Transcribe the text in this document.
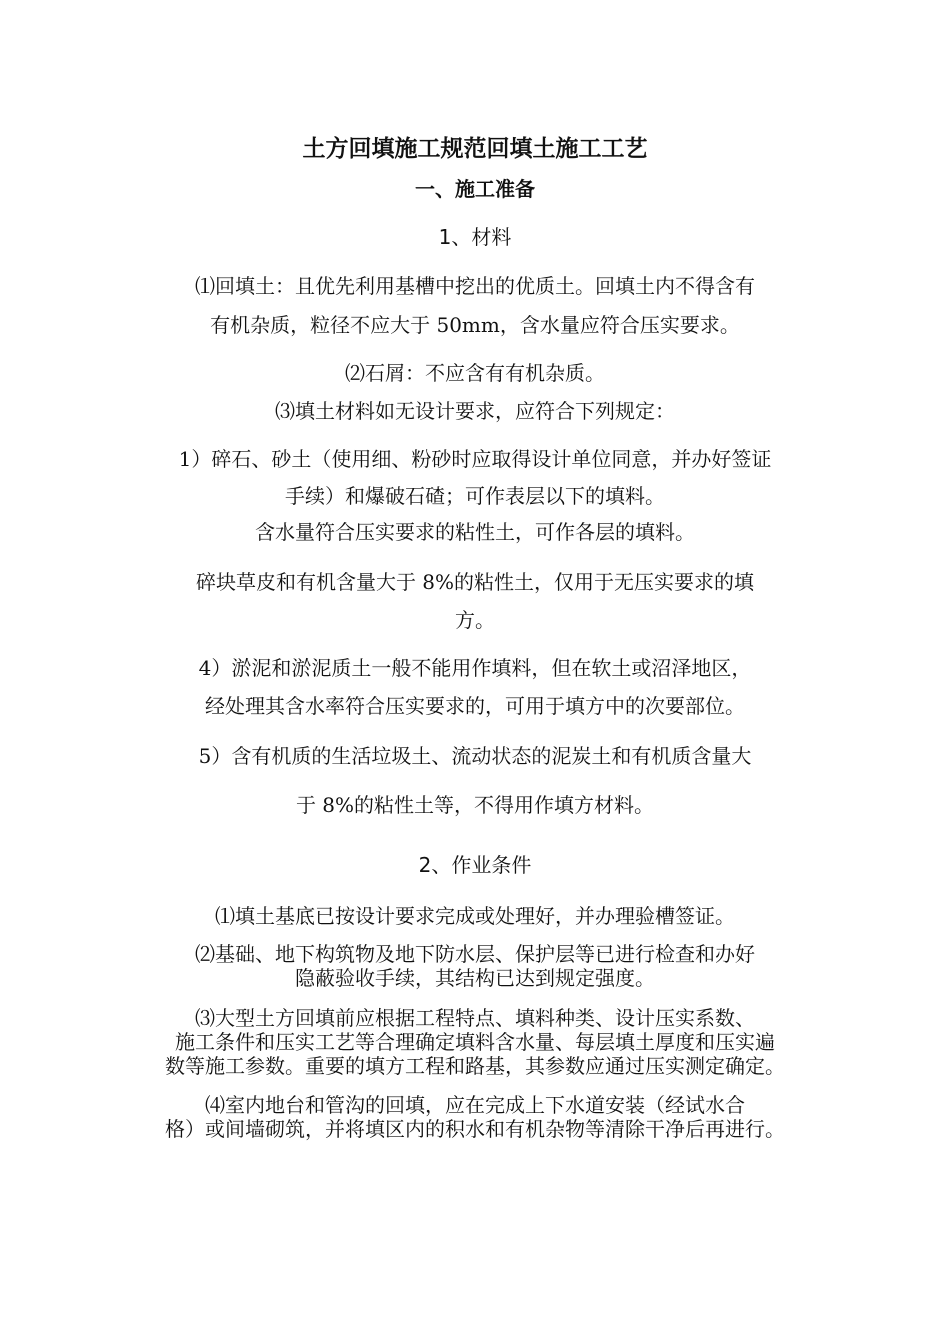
土方回填施工规范回填土施工工艺
一、施工准备
1、材料
⑴回填土：且优先利用基槽中挖出的优质土。回填土内不得含有
有机杂质，粒径不应大于 50mm，含水量应符合压实要求。
⑵石屑：不应含有有机杂质。
⑶填土材料如无设计要求，应符合下列规定：
1）碎石、砂土（使用细、粉砂时应取得设计单位同意，并办好签证
手续）和爆破石碴；可作表层以下的填料。
含水量符合压实要求的粘性土，可作各层的填料。
碎块草皮和有机含量大于 8%的粘性土，仅用于无压实要求的填
方。
4）淤泥和淤泥质土一般不能用作填料，但在软土或沼泽地区，
经处理其含水率符合压实要求的，可用于填方中的次要部位。
5）含有机质的生活垃圾土、流动状态的泥炭土和有机质含量大
于 8%的粘性土等，不得用作填方材料。
2、作业条件
⑴填土基底已按设计要求完成或处理好，并办理验槽签证。
⑵基础、地下构筑物及地下防水层、保护层等已进行检查和办好
隐蔽验收手续，其结构已达到规定强度。
⑶大型土方回填前应根据工程特点、填料种类、设计压实系数、
施工条件和压实工艺等合理确定填料含水量、每层填土厚度和压实遍
数等施工参数。重要的填方工程和路基，其参数应通过压实测定确定。
⑷室内地台和管沟的回填，应在完成上下水道安装（经试水合
格）或间墙砌筑，并将填区内的积水和有机杂物等清除干净后再进行。
